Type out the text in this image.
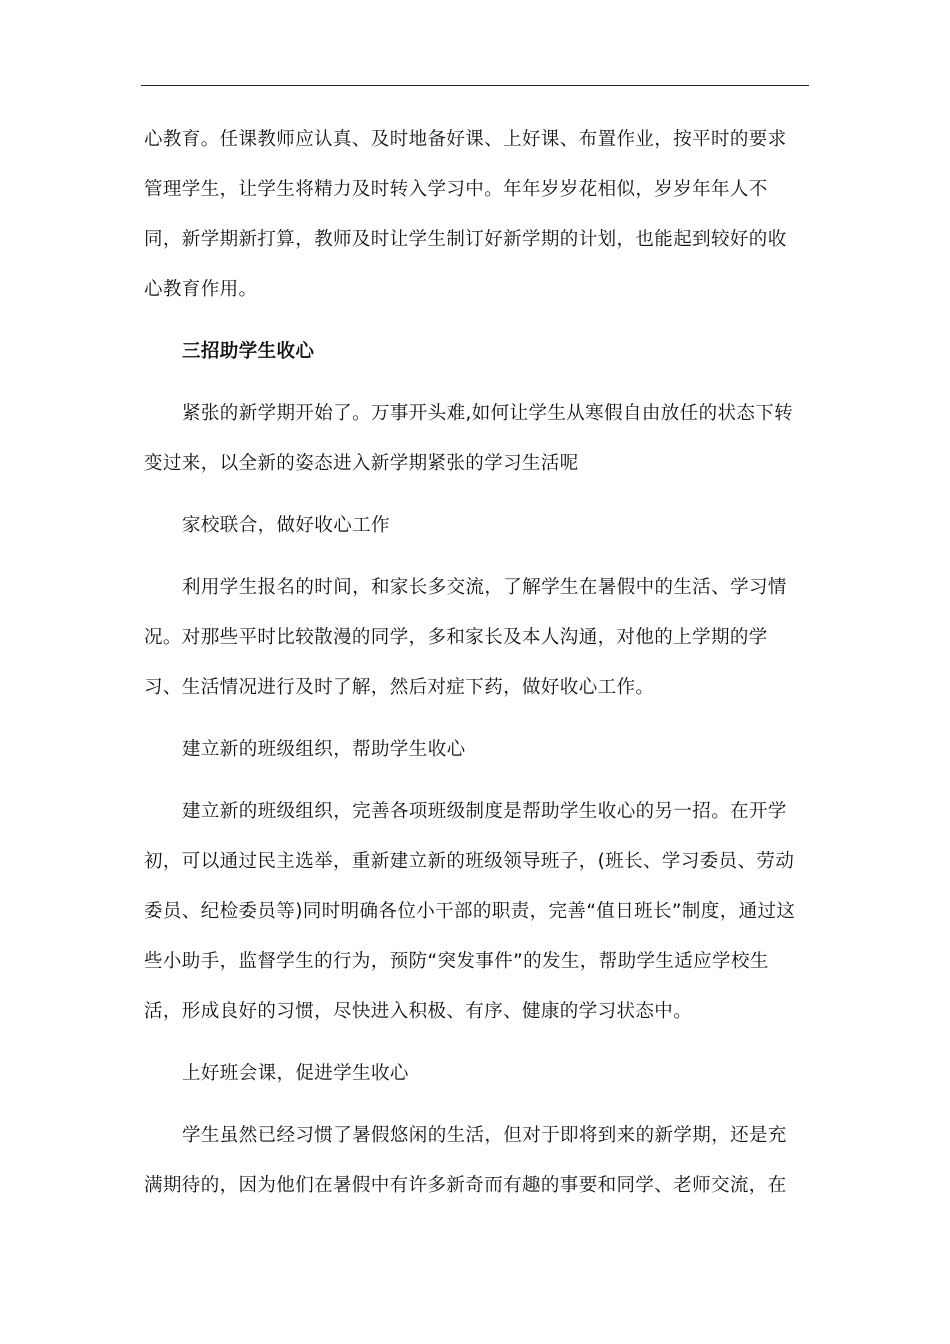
心教育。任课教师应认真、及时地备好课、上好课、布置作业，按平时的要求
管理学生，让学生将精力及时转入学习中。年年岁岁花相似，岁岁年年人不
同，新学期新打算，教师及时让学生制订好新学期的计划，也能起到较好的收
心教育作用。
三招助学生收心
紧张的新学期开始了。万事开头难,如何让学生从寒假自由放任的状态下转
变过来，以全新的姿态进入新学期紧张的学习生活呢
家校联合，做好收心工作
利用学生报名的时间，和家长多交流，了解学生在暑假中的生活、学习情
况。对那些平时比较散漫的同学，多和家长及本人沟通，对他的上学期的学
习、生活情况进行及时了解，然后对症下药，做好收心工作。
建立新的班级组织，帮助学生收心
建立新的班级组织，完善各项班级制度是帮助学生收心的另一招。在开学
初，可以通过民主选举，重新建立新的班级领导班子，(班长、学习委员、劳动
委员、纪检委员等)同时明确各位小干部的职责，完善“值日班长”制度，通过这
些小助手，监督学生的行为，预防“突发事件”的发生，帮助学生适应学校生
活，形成良好的习惯，尽快进入积极、有序、健康的学习状态中。
上好班会课，促进学生收心
学生虽然已经习惯了暑假悠闲的生活，但对于即将到来的新学期，还是充
满期待的，因为他们在暑假中有许多新奇而有趣的事要和同学、老师交流，在
